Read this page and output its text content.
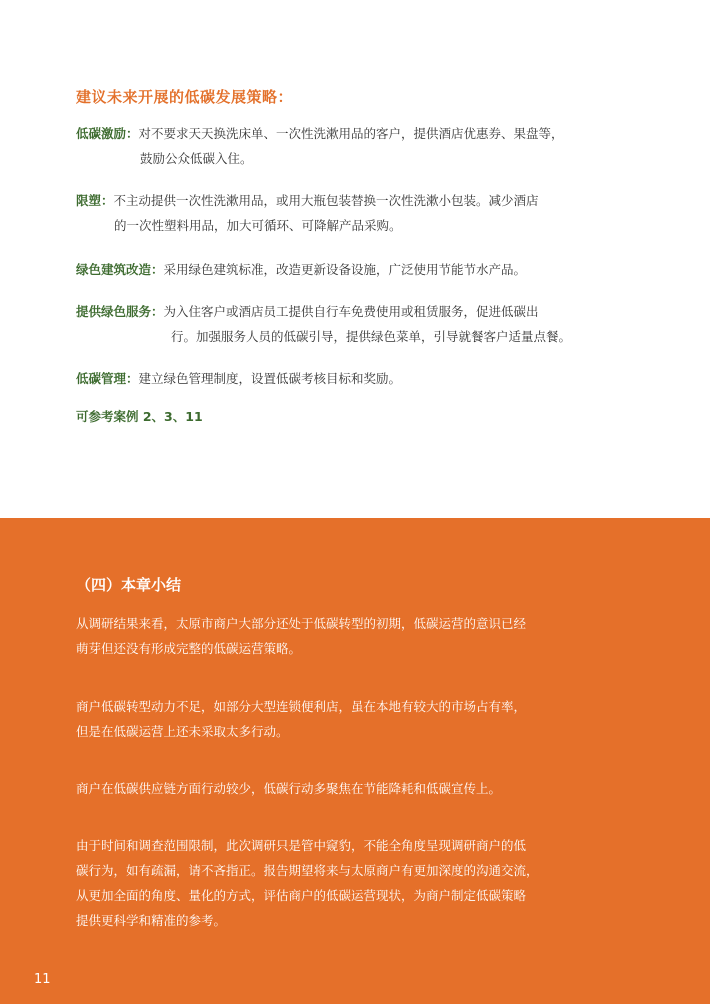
建议未来开展的低碳发展策略：
低碳激励：对不要求天天换洗床单、一次性洗漱用品的客户，提供酒店优惠券、果盘等，
鼓励公众低碳入住。
限塑：不主动提供一次性洗漱用品，或用大瓶包装替换一次性洗漱小包装。减少酒店
的一次性塑料用品，加大可循环、可降解产品采购。
绿色建筑改造：采用绿色建筑标准，改造更新设备设施，广泛使用节能节水产品。
提供绿色服务：为入住客户或酒店员工提供自行车免费使用或租赁服务，促进低碳出
行。加强服务人员的低碳引导，提供绿色菜单，引导就餐客户适量点餐。
低碳管理：建立绿色管理制度，设置低碳考核目标和奖励。
可参考案例 2、3、11
（四）本章小结
从调研结果来看，太原市商户大部分还处于低碳转型的初期，低碳运营的意识已经
萌芽但还没有形成完整的低碳运营策略。
商户低碳转型动力不足，如部分大型连锁便利店，虽在本地有较大的市场占有率，
但是在低碳运营上还未采取太多行动。
商户在低碳供应链方面行动较少，低碳行动多聚焦在节能降耗和低碳宣传上。
由于时间和调查范围限制，此次调研只是管中窥豹，不能全角度呈现调研商户的低
碳行为，如有疏漏，请不吝指正。报告期望将来与太原商户有更加深度的沟通交流，
从更加全面的角度、量化的方式，评估商户的低碳运营现状，为商户制定低碳策略
提供更科学和精准的参考。
11
